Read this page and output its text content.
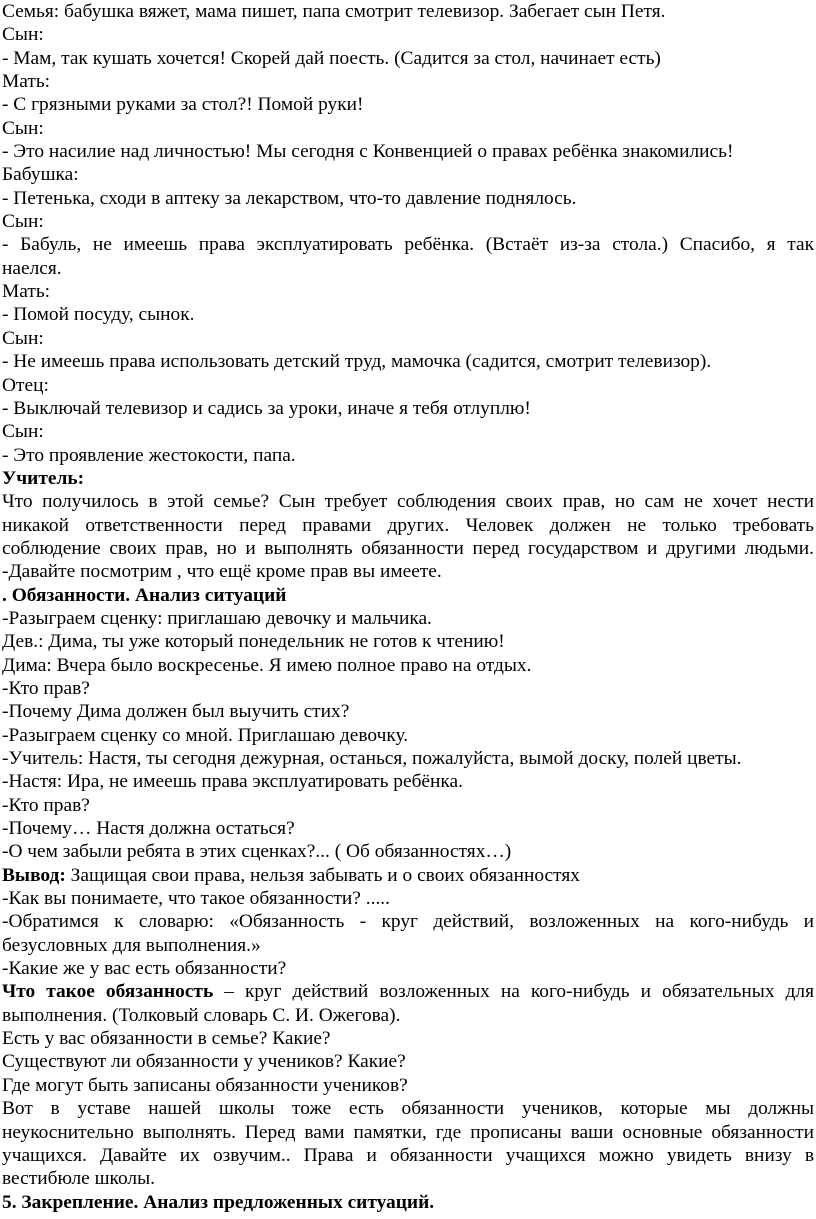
Семья: бабушка вяжет, мама пишет, папа смотрит телевизор. Забегает сын Петя.
Сын:
- Мам, так кушать хочется! Скорей дай поесть. (Садится за стол, начинает есть)
Мать:
- С грязными руками за стол?! Помой руки!
Сын:
- Это насилие над личностью! Мы сегодня с Конвенцией о правах ребёнка знакомились!
Бабушка:
- Петенька, сходи в аптеку за лекарством, что-то давление поднялось.
Сын:
- Бабуль, не имеешь права эксплуатировать ребёнка. (Встаёт из-за стола.) Спасибо, я так
наелся.
Мать:
- Помой посуду, сынок.
Сын:
- Не имеешь права использовать детский труд, мамочка (садится, смотрит телевизор).
Отец:
- Выключай телевизор и садись за уроки, иначе я тебя отлуплю!
Сын:
- Это проявление жестокости, папа.
Учитель:
Что получилось в этой семье? Сын требует соблюдения своих прав, но сам не хочет нести
никакой ответственности перед правами других. Человек должен не только требовать
соблюдение своих прав, но и выполнять обязанности перед государством и другими людьми.
-Давайте посмотрим , что ещё кроме прав вы имеете.
. Обязанности. Анализ ситуаций
-Разыграем сценку: приглашаю девочку и мальчика.
Дев.: Дима, ты уже который понедельник не готов к чтению!
Дима: Вчера было воскресенье. Я имею полное право на отдых.
-Кто прав?
-Почему Дима должен был выучить стих?
-Разыграем сценку со мной. Приглашаю девочку.
-Учитель: Настя, ты сегодня дежурная, останься, пожалуйста, вымой доску, полей цветы.
-Настя: Ира, не имеешь права эксплуатировать ребёнка.
-Кто прав?
-Почему… Настя должна остаться?
-О чем забыли ребята в этих сценках?... ( Об обязанностях…)
Вывод: Защищая свои права, нельзя забывать и о своих обязанностях
-Как вы понимаете, что такое обязанности? .....
-Обратимся к словарю: «Обязанность - круг действий, возложенных на кого-нибудь и
безусловных для выполнения.»
-Какие же у вас есть обязанности?
Что такое обязанность – круг действий возложенных на кого-нибудь и обязательных для
выполнения. (Толковый словарь С. И. Ожегова).
Есть у вас обязанности в семье? Какие?
Существуют ли обязанности у учеников? Какие?
Где могут быть записаны обязанности учеников?
Вот в уставе нашей школы тоже есть обязанности учеников, которые мы должны
неукоснительно выполнять. Перед вами памятки, где прописаны ваши основные обязанности
учащихся. Давайте их озвучим.. Права и обязанности учащихся можно увидеть внизу в
вестибюле школы.
5. Закрепление. Анализ предложенных ситуаций.
